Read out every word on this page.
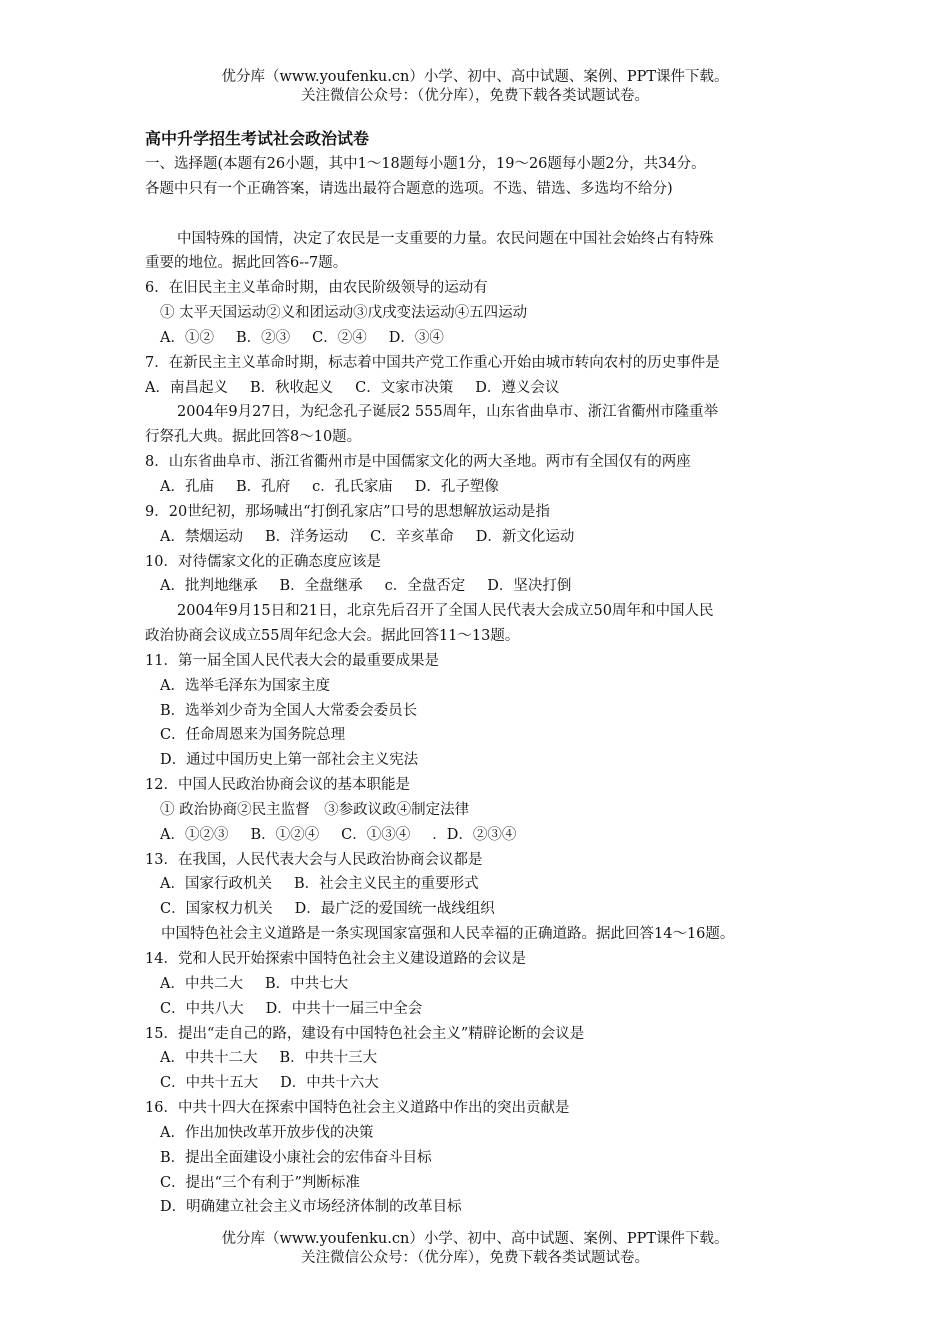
优分库（www.youfenku.cn）小学、初中、高中试题、案例、PPT课件下载。
关注微信公众号：（优分库），免费下载各类试题试卷。
高中升学招生考试社会政治试卷
一、选择题(本题有26小题，其中1～18题每小题1分，19～26题每小题2分，共34分。
各题中只有一个正确答案，请选出最符合题意的选项。不选、错选、多选均不给分)
中国特殊的国情，决定了农民是一支重要的力量。农民问题在中国社会始终占有特殊
重要的地位。据此回答6--7题。
6．在旧民主主义革命时期，由农民阶级领导的运动有
① 太平天国运动②义和团运动③戊戌变法运动④五四运动
A．①② B．②③ C．②④ D．③④
7．在新民主主义革命时期，标志着中国共产党工作重心开始由城市转向农村的历史事件是
A．南昌起义 B．秋收起义 C．文家市决策 D．遵义会议
2004年9月27日，为纪念孔子诞辰2 555周年，山东省曲阜市、浙江省衢州市隆重举
行祭孔大典。据此回答8～10题。
8．山东省曲阜市、浙江省衢州市是中国儒家文化的两大圣地。两市有全国仅有的两座
A．孔庙 B．孔府 c．孔氏家庙 D．孔子塑像
9．20世纪初，那场喊出“打倒孔家店”口号的思想解放运动是指
A．禁烟运动 B．洋务运动 C．辛亥革命 D．新文化运动
10．对待儒家文化的正确态度应该是
A．批判地继承 B．全盘继承 c．全盘否定 D．坚决打倒
2004年9月15日和21日，北京先后召开了全国人民代表大会成立50周年和中国人民
政治协商会议成立55周年纪念大会。据此回答11～13题。
11．第一届全国人民代表大会的最重要成果是
A．选举毛泽东为国家主度
B．选举刘少奇为全国人大常委会委员长
C．任命周恩来为国务院总理
D．通过中国历史上第一部社会主义宪法
12．中国人民政治协商会议的基本职能是
① 政治协商②民主监督　③参政议政④制定法律
A．①②③ B．①②④ C．①③④ ．D．②③④
13．在我国，人民代表大会与人民政治协商会议都是
A．国家行政机关 B．社会主义民主的重要形式
C．国家权力机关 D．最广泛的爱国统一战线组织
中国特色社会主义道路是一条实现国家富强和人民幸福的正确道路。据此回答14～16题。
14．党和人民开始探索中国特色社会主义建设道路的会议是
A．中共二大 B．中共七大
C．中共八大 D．中共十一届三中全会
15．提出“走自己的路，建设有中国特色社会主义”精辟论断的会议是
A．中共十二大 B．中共十三大
C．中共十五大 D．中共十六大
16．中共十四大在探索中国特色社会主义道路中作出的突出贡献是
A．作出加快改革开放步伐的决策
B．提出全面建设小康社会的宏伟奋斗目标
C．提出“三个有利于”判断标准
D．明确建立社会主义市场经济体制的改革目标
优分库（www.youfenku.cn）小学、初中、高中试题、案例、PPT课件下载。
关注微信公众号：（优分库），免费下载各类试题试卷。
